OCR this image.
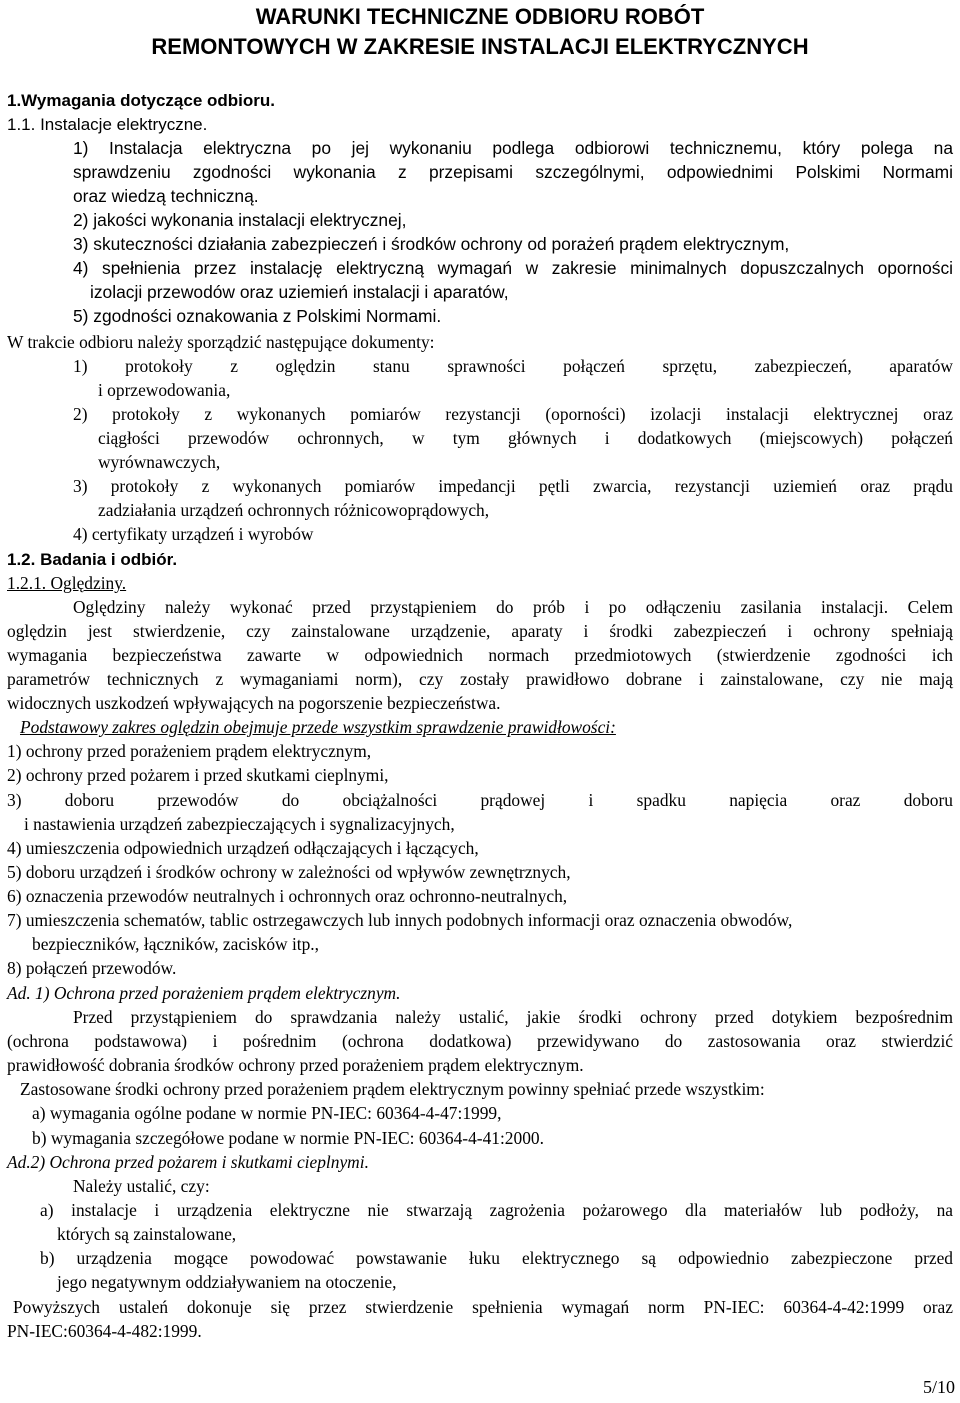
WARUNKI TECHNICZNE ODBIORU ROBÓT
REMONTOWYCH W ZAKRESIE INSTALACJI ELEKTRYCZNYCH
1.Wymagania dotyczące odbioru.
1.1. Instalacje elektryczne.
1) Instalacja elektryczna po jej wykonaniu podlega odbiorowi technicznemu, który polega na
sprawdzeniu zgodności wykonania z przepisami szczególnymi, odpowiednimi Polskimi Normami
oraz wiedzą techniczną.
2) jakości wykonania instalacji elektrycznej,
3) skuteczności działania zabezpieczeń i środków ochrony od porażeń prądem elektrycznym,
4) spełnienia przez instalację elektryczną wymagań w zakresie minimalnych dopuszczalnych oporności
izolacji przewodów oraz uziemień instalacji i aparatów,
5) zgodności oznakowania z Polskimi Normami.
W trakcie odbioru należy sporządzić następujące dokumenty:
1) protokoły z oględzin stanu sprawności połączeń sprzętu, zabezpieczeń, aparatów
i oprzewodowania,
2) protokoły z wykonanych pomiarów rezystancji (oporności) izolacji instalacji elektrycznej oraz
ciągłości przewodów ochronnych, w tym głównych i dodatkowych (miejscowych) połączeń
wyrównawczych,
3) protokoły z wykonanych pomiarów impedancji pętli zwarcia, rezystancji uziemień oraz prądu
zadziałania urządzeń ochronnych różnicowoprądowych,
4) certyfikaty urządzeń i wyrobów
1.2. Badania i odbiór.
1.2.1. Oględziny.
Oględziny należy wykonać przed przystąpieniem do prób i po odłączeniu zasilania instalacji. Celem
oględzin jest stwierdzenie, czy zainstalowane urządzenie, aparaty i środki zabezpieczeń i ochrony spełniają
wymagania bezpieczeństwa zawarte w odpowiednich normach przedmiotowych (stwierdzenie zgodności ich
parametrów technicznych z wymaganiami norm), czy zostały prawidłowo dobrane i zainstalowane, czy nie mają
widocznych uszkodzeń wpływających na pogorszenie bezpieczeństwa.
Podstawowy zakres oględzin obejmuje przede wszystkim sprawdzenie prawidłowości:
1) ochrony przed porażeniem prądem elektrycznym,
2) ochrony przed pożarem i przed skutkami cieplnymi,
3) doboru przewodów do obciążalności prądowej i spadku napięcia oraz doboru
i nastawienia urządzeń zabezpieczających i sygnalizacyjnych,
4) umieszczenia odpowiednich urządzeń odłączających i łączących,
5) doboru urządzeń i środków ochrony w zależności od wpływów zewnętrznych,
6) oznaczenia przewodów neutralnych i ochronnych oraz ochronno-neutralnych,
7) umieszczenia schematów, tablic ostrzegawczych lub innych podobnych informacji oraz oznaczenia obwodów,
bezpieczników, łączników, zacisków itp.,
8) połączeń przewodów.
Ad. 1) Ochrona przed porażeniem prądem elektrycznym.
Przed przystąpieniem do sprawdzania należy ustalić, jakie środki ochrony przed dotykiem bezpośrednim
(ochrona podstawowa) i pośrednim (ochrona dodatkowa) przewidywano do zastosowania oraz stwierdzić
prawidłowość dobrania środków ochrony przed porażeniem prądem elektrycznym.
Zastosowane środki ochrony przed porażeniem prądem elektrycznym powinny spełniać przede wszystkim:
a) wymagania ogólne podane w normie PN-IEC: 60364-4-47:1999,
b) wymagania szczegółowe podane w normie PN-IEC: 60364-4-41:2000.
Ad.2) Ochrona przed pożarem i skutkami cieplnymi.
Należy ustalić, czy:
a) instalacje i urządzenia elektryczne nie stwarzają zagrożenia pożarowego dla materiałów lub podłoży, na
których są zainstalowane,
b) urządzenia mogące powodować powstawanie łuku elektrycznego są odpowiednio zabezpieczone przed
jego negatywnym oddziaływaniem na otoczenie,
Powyższych ustaleń dokonuje się przez stwierdzenie spełnienia wymagań norm PN-IEC: 60364-4-42:1999 oraz
PN-IEC:60364-4-482:1999.
5/10
